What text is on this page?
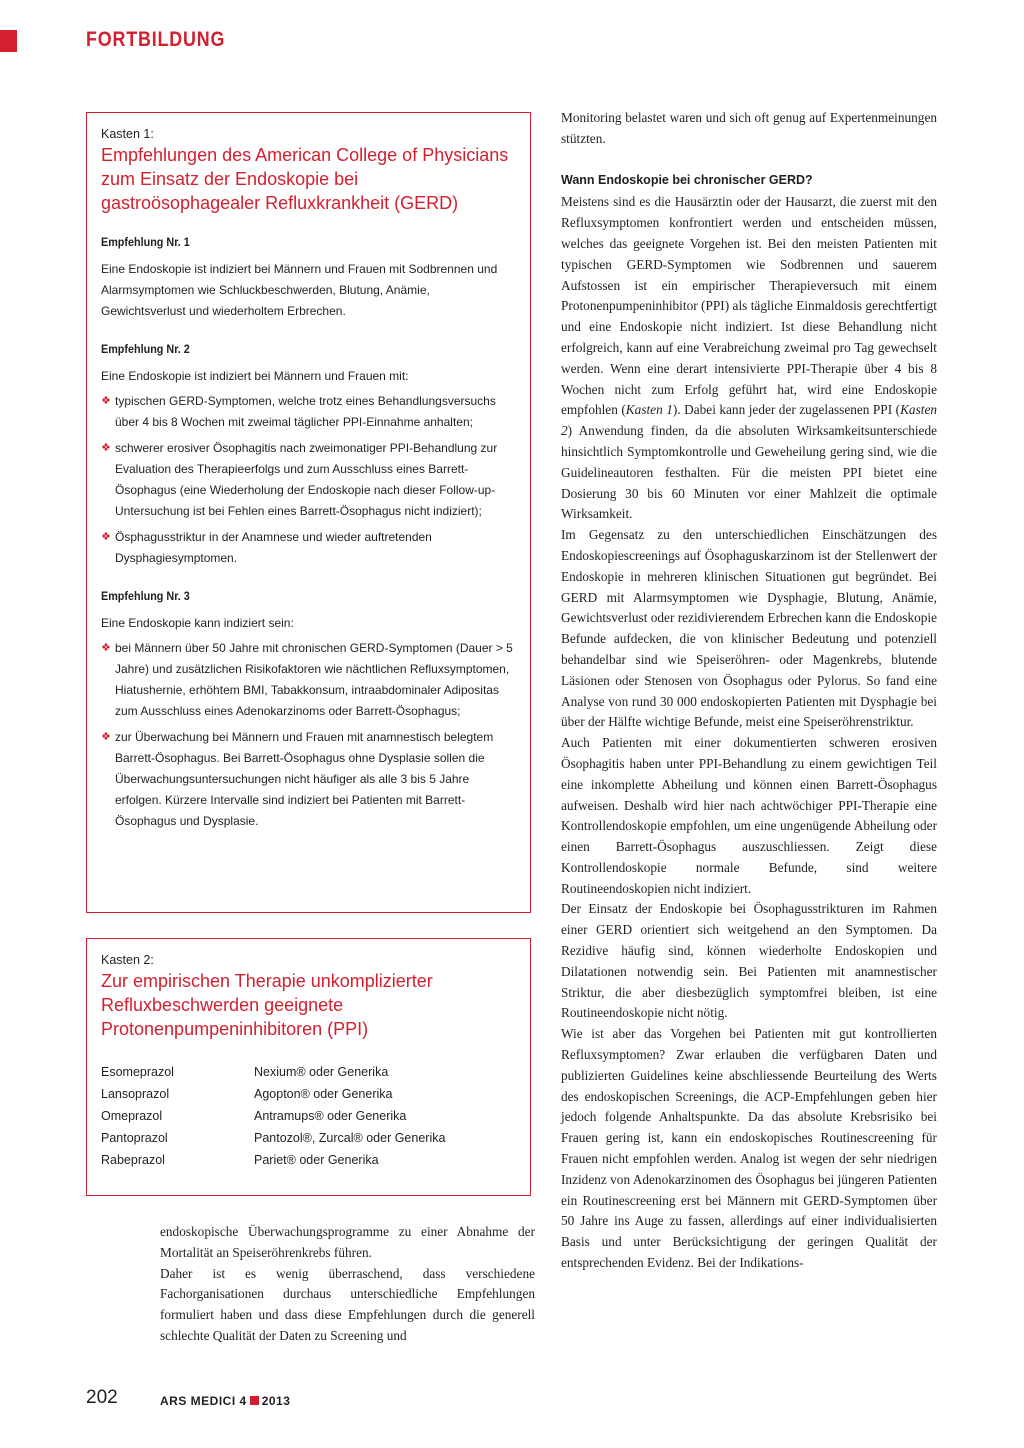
FORTBILDUNG

Kasten 1:

Empfehlungen des American College of Physicians zum Einsatz der Endoskopie bei gastroösophagealer Refluxkrankheit (GERD)
Empfehlung Nr. 1

Eine Endoskopie ist indiziert bei Männern und Frauen mit Sodbrennen und Alarmsymptomen wie Schluckbeschwerden, Blutung, Anämie, Gewichtsverlust und wiederholtem Erbrechen.

Empfehlung Nr. 2

Eine Endoskopie ist indiziert bei Männern und Frauen mit:

❖ typischen GERD-Symptomen, welche trotz eines Behandlungsversuchs über 4 bis 8 Wochen mit zweimal täglicher PPI-Einnahme anhalten;
❖ schwerer erosiver Ösophagitis nach zweimonatiger PPI-Behandlung zur Evaluation des Therapieerfolgs und zum Ausschluss eines Barrett-Ösophagus (eine Wiederholung der Endoskopie nach dieser Follow-up-Untersuchung ist bei Fehlen eines Barrett-Ösophagus nicht indiziert);
❖ Ösphagusstriktur in der Anamnese und wieder auftretenden Dysphagiesymptomen.
Empfehlung Nr. 3

Eine Endoskopie kann indiziert sein:

❖ bei Männern über 50 Jahre mit chronischen GERD-Symptomen (Dauer > 5 Jahre) und zusätzlichen Risikofaktoren wie nächtlichen Refluxsymptomen, Hiatushernie, erhöhtem BMI, Tabakkonsum, intraabdominaler Adipositas zum Ausschluss eines Adenokarzinoms oder Barrett-Ösophagus;
❖ zur Überwachung bei Männern und Frauen mit anamnestisch belegtem Barrett-Ösophagus. Bei Barrett-Ösophagus ohne Dysplasie sollen die Überwachungsuntersuchungen nicht häufiger als alle 3 bis 5 Jahre erfolgen. Kürzere Intervalle sind indiziert bei Patienten mit Barrett-Ösophagus und Dysplasie.

Kasten 2:

Zur empirischen Therapie unkomplizierter Refluxbeschwerden geeignete Protonenpumpeninhibitoren (PPI)
Esomeprazol	Nexium® oder Generika
Lansoprazol	Agopton® oder Generika
Omeprazol	Antramups® oder Generika
Pantoprazol	Pantozol®, Zurcal® oder Generika
Rabeprazol	Pariet® oder Generika

endoskopische Überwachungsprogramme zu einer Abnahme der Mortalität an Speiseröhrenkrebs führen.

Daher ist es wenig überraschend, dass verschiedene Fachorganisationen durchaus unterschiedliche Empfehlungen formuliert haben und dass diese Empfehlungen durch die generell schlechte Qualität der Daten zu Screening und

Monitoring belastet waren und sich oft genug auf Expertenmeinungen stützten.

Wann Endoskopie bei chronischer GERD?

Meistens sind es die Hausärztin oder der Hausarzt, die zuerst mit den Refluxsymptomen konfrontiert werden und entscheiden müssen, welches das geeignete Vorgehen ist. Bei den meisten Patienten mit typischen GERD-Symptomen wie Sodbrennen und sauerem Aufstossen ist ein empirischer Therapieversuch mit einem Protonenpumpeninhibitor (PPI) als tägliche Einmaldosis gerechtfertigt und eine Endoskopie nicht indiziert. Ist diese Behandlung nicht erfolgreich, kann auf eine Verabreichung zweimal pro Tag gewechselt werden. Wenn eine derart intensivierte PPI-Therapie über 4 bis 8 Wochen nicht zum Erfolg geführt hat, wird eine Endoskopie empfohlen (Kasten 1). Dabei kann jeder der zugelassenen PPI (Kasten 2) Anwendung finden, da die absoluten Wirksamkeitsunterschiede hinsichtlich Symptomkontrolle und Geweheilung gering sind, wie die Guidelineautoren festhalten. Für die meisten PPI bietet eine Dosierung 30 bis 60 Minuten vor einer Mahlzeit die optimale Wirksamkeit.

Im Gegensatz zu den unterschiedlichen Einschätzungen des Endoskopiescreenings auf Ösophaguskarzinom ist der Stellenwert der Endoskopie in mehreren klinischen Situationen gut begründet. Bei GERD mit Alarmsymptomen wie Dysphagie, Blutung, Anämie, Gewichtsverlust oder rezidivierendem Erbrechen kann die Endoskopie Befunde aufdecken, die von klinischer Bedeutung und potenziell behandelbar sind wie Speiseröhren- oder Magenkrebs, blutende Läsionen oder Stenosen von Ösophagus oder Pylorus. So fand eine Analyse von rund 30 000 endoskopierten Patienten mit Dysphagie bei über der Hälfte wichtige Befunde, meist eine Speiseröhrenstriktur.

Auch Patienten mit einer dokumentierten schweren erosiven Ösophagitis haben unter PPI-Behandlung zu einem gewichtigen Teil eine inkomplette Abheilung und können einen Barrett-Ösophagus aufweisen. Deshalb wird hier nach achtwöchiger PPI-Therapie eine Kontrollendoskopie empfohlen, um eine ungenügende Abheilung oder einen Barrett-Ösophagus auszuschliessen. Zeigt diese Kontrollendoskopie normale Befunde, sind weitere Routineendoskopien nicht indiziert.

Der Einsatz der Endoskopie bei Ösophagusstrikturen im Rahmen einer GERD orientiert sich weitgehend an den Symptomen. Da Rezidive häufig sind, können wiederholte Endoskopien und Dilatationen notwendig sein. Bei Patienten mit anamnestischer Striktur, die aber diesbezüglich symptomfrei bleiben, ist eine Routineendoskopie nicht nötig.

Wie ist aber das Vorgehen bei Patienten mit gut kontrollierten Refluxsymptomen? Zwar erlauben die verfügbaren Daten und publizierten Guidelines keine abschliessende Beurteilung des Werts des endoskopischen Screenings, die ACP-Empfehlungen geben hier jedoch folgende Anhaltspunkte. Da das absolute Krebsrisiko bei Frauen gering ist, kann ein endoskopisches Routinescreening für Frauen nicht empfohlen werden. Analog ist wegen der sehr niedrigen Inzidenz von Adenokarzinomen des Ösophagus bei jüngeren Patienten ein Routinescreening erst bei Männern mit GERD-Symptomen über 50 Jahre ins Auge zu fassen, allerdings auf einer individualisierten Basis und unter Berücksichtigung der geringen Qualität der entsprechenden Evidenz. Bei der Indikations-

202	ARS MEDICI 4 2013
